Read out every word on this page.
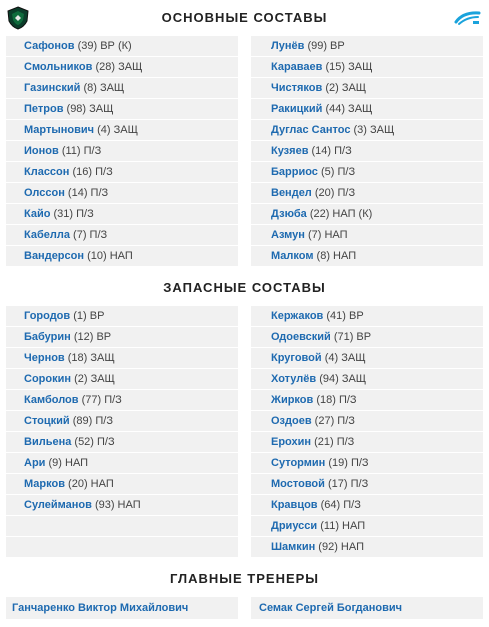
ОСНОВНЫЕ СОСТАВЫ
Сафонов (39) ВР (К)
Смольников (28) ЗАЩ
Газинский (8) ЗАЩ
Петров (98) ЗАЩ
Мартынович (4) ЗАЩ
Ионов (11) П/З
Классон (16) П/З
Олссон (14) П/З
Кайо (31) П/З
Кабелла (7) П/З
Вандерсон (10) НАП
Лунёв (99) ВР
Караваев (15) ЗАЩ
Чистяков (2) ЗАЩ
Ракицкий (44) ЗАЩ
Дуглас Сантос (3) ЗАЩ
Кузяев (14) П/З
Барриос (5) П/З
Вендел (20) П/З
Дзюба (22) НАП (К)
Азмун (7) НАП
Малком (8) НАП
ЗАПАСНЫЕ СОСТАВЫ
Городов (1) ВР
Бабурин (12) ВР
Чернов (18) ЗАЩ
Сорокин (2) ЗАЩ
Камболов (77) П/З
Стоцкий (89) П/З
Вильена (52) П/З
Ари (9) НАП
Марков (20) НАП
Сулейманов (93) НАП
Кержаков (41) ВР
Одоевский (71) ВР
Круговой (4) ЗАЩ
Хотулёв (94) ЗАЩ
Жирков (18) П/З
Оздоев (27) П/З
Ерохин (21) П/З
Сутормин (19) П/З
Мостовой (17) П/З
Кравцов (64) П/З
Дриусси (11) НАП
Шамкин (92) НАП
ГЛАВНЫЕ ТРЕНЕРЫ
Ганчаренко Виктор Михайлович	Семак Сергей Богданович
